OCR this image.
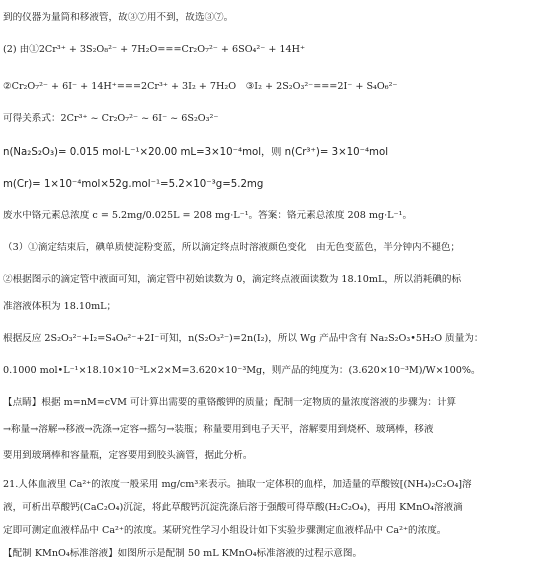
到的仪器为量筒和移液管，故③⑦用不到，故选③⑦。
(2) 由①2Cr³⁺ + 3S₂O₈²⁻ + 7H₂O===Cr₂O₇²⁻ + 6SO₄²⁻ + 14H⁺
②Cr₂O₇²⁻ + 6I⁻ + 14H⁺===2Cr³⁺ + 3I₂ + 7H₂O　③I₂ + 2S₂O₃²⁻===2I⁻ + S₄O₆²⁻
可得关系式：2Cr³⁺ ~ Cr₂O₇²⁻ ~ 6I⁻ ~ 6S₂O₃²⁻
n(Na₂S₂O₃)= 0.015 mol·L⁻¹×20.00 mL=3×10⁻⁴mol，则 n(Cr³⁺)= 3×10⁻⁴mol
m(Cr)= 1×10⁻⁴mol×52g.mol⁻¹=5.2×10⁻³g=5.2mg
废水中铬元素总浓度 c = 5.2mg/0.025L = 208 mg·L⁻¹。答案：铬元素总浓度 208 mg·L⁻¹。
（3）①滴定结束后，碘单质使淀粉变蓝，所以滴定终点时溶液颜色变化　由无色变蓝色，半分钟内不褪色；
②根据图示的滴定管中液面可知，滴定管中初始读数为 0，滴定终点液面读数为 18.10mL，所以消耗碘的标
准溶液体积为 18.10mL；
根据反应 2S₂O₃²⁻+I₂=S₄O₆²⁻+2I⁻可知，n(S₂O₃²⁻)=2n(I₂)，所以 Wg 产品中含有 Na₂S₂O₃•5H₂O 质量为：
0.1000 mol•L⁻¹×18.10×10⁻³L×2×M=3.620×10⁻³Mg，则产品的纯度为：(3.620×10⁻³M)/W×100%。
【点睛】根据 m=nM=cVM 可计算出需要的重铬酸钾的质量；配制一定物质的量浓度溶液的步骤为：计算
→称量→溶解→移液→洗涤→定容→摇匀→装瓶；称量要用到电子天平，溶解要用到烧杯、玻璃棒，移液
要用到玻璃棒和容量瓶，定容要用到胶头滴管，据此分析。
21.人体血液里 Ca²⁺的浓度一般采用 mg/cm³来表示。抽取一定体积的血样，加适量的草酸铵[(NH₄)₂C₂O₄]溶
液，可析出草酸钙(CaC₂O₄)沉淀，将此草酸钙沉淀洗涤后溶于强酸可得草酸(H₂C₂O₄)，再用 KMnO₄溶液滴
定即可测定血液样品中 Ca²⁺的浓度。某研究性学习小组设计如下实验步骤测定血液样品中 Ca²⁺的浓度。
【配制 KMnO₄标准溶液】如图所示是配制 50 mL KMnO₄标准溶液的过程示意图。
